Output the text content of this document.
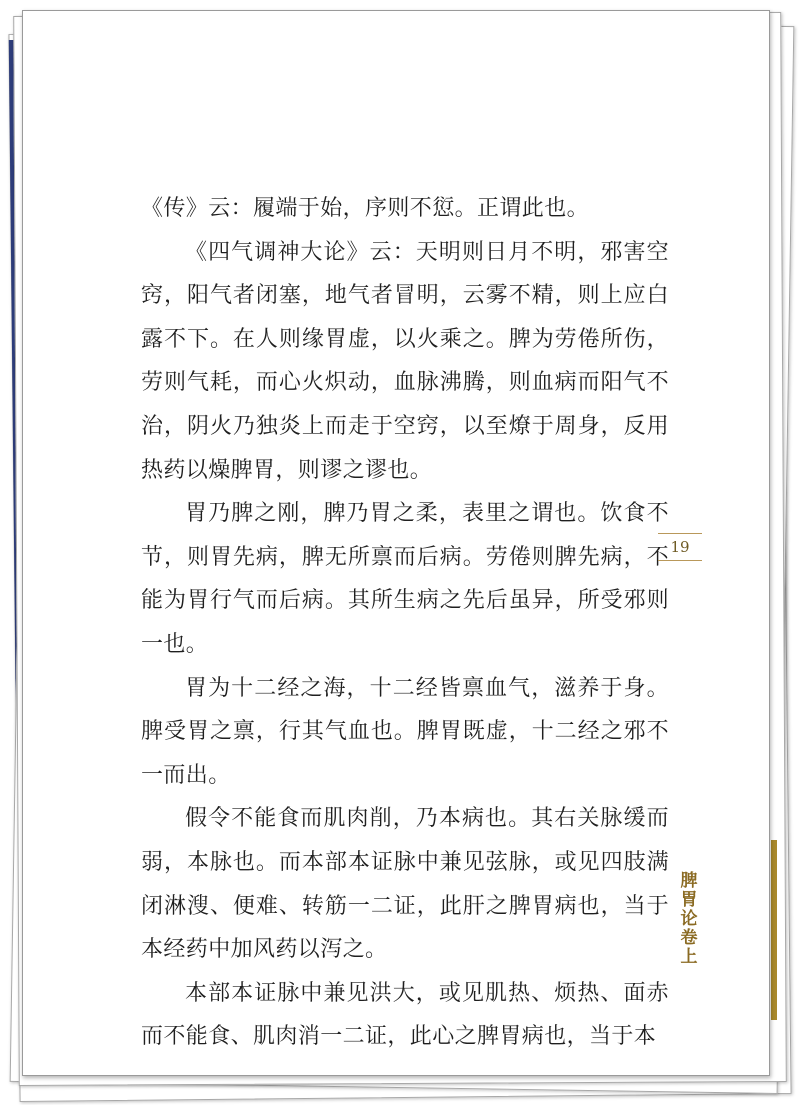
《传》云：履端于始，序则不愆。正谓此也。

《四气调神大论》云：天明则日月不明，邪害空窍，阳气者闭塞，地气者冒明，云雾不精，则上应白露不下。在人则缘胃虚，以火乘之。脾为劳倦所伤，劳则气耗，而心火炽动，血脉沸腾，则血病而阳气不治，阴火乃独炎上而走于空窍，以至燎于周身，反用热药以燥脾胃，则谬之谬也。

胃乃脾之刚，脾乃胃之柔，表里之谓也。饮食不节，则胃先病，脾无所禀而后病。劳倦则脾先病，不能为胃行气而后病。其所生病之先后虽异，所受邪则一也。

胃为十二经之海，十二经皆禀血气，滋养于身。脾受胃之禀，行其气血也。脾胃既虚，十二经之邪不一而出。

假令不能食而肌肉削，乃本病也。其右关脉缓而弱，本脉也。而本部本证脉中兼见弦脉，或见四肢满闭淋溲、便难、转筋一二证，此肝之脾胃病也，当于本经药中加风药以泻之。

本部本证脉中兼见洪大，或见肌热、烦热、面赤而不能食、肌肉消一二证，此心之脾胃病也，当于本

19
脾胃论卷上
